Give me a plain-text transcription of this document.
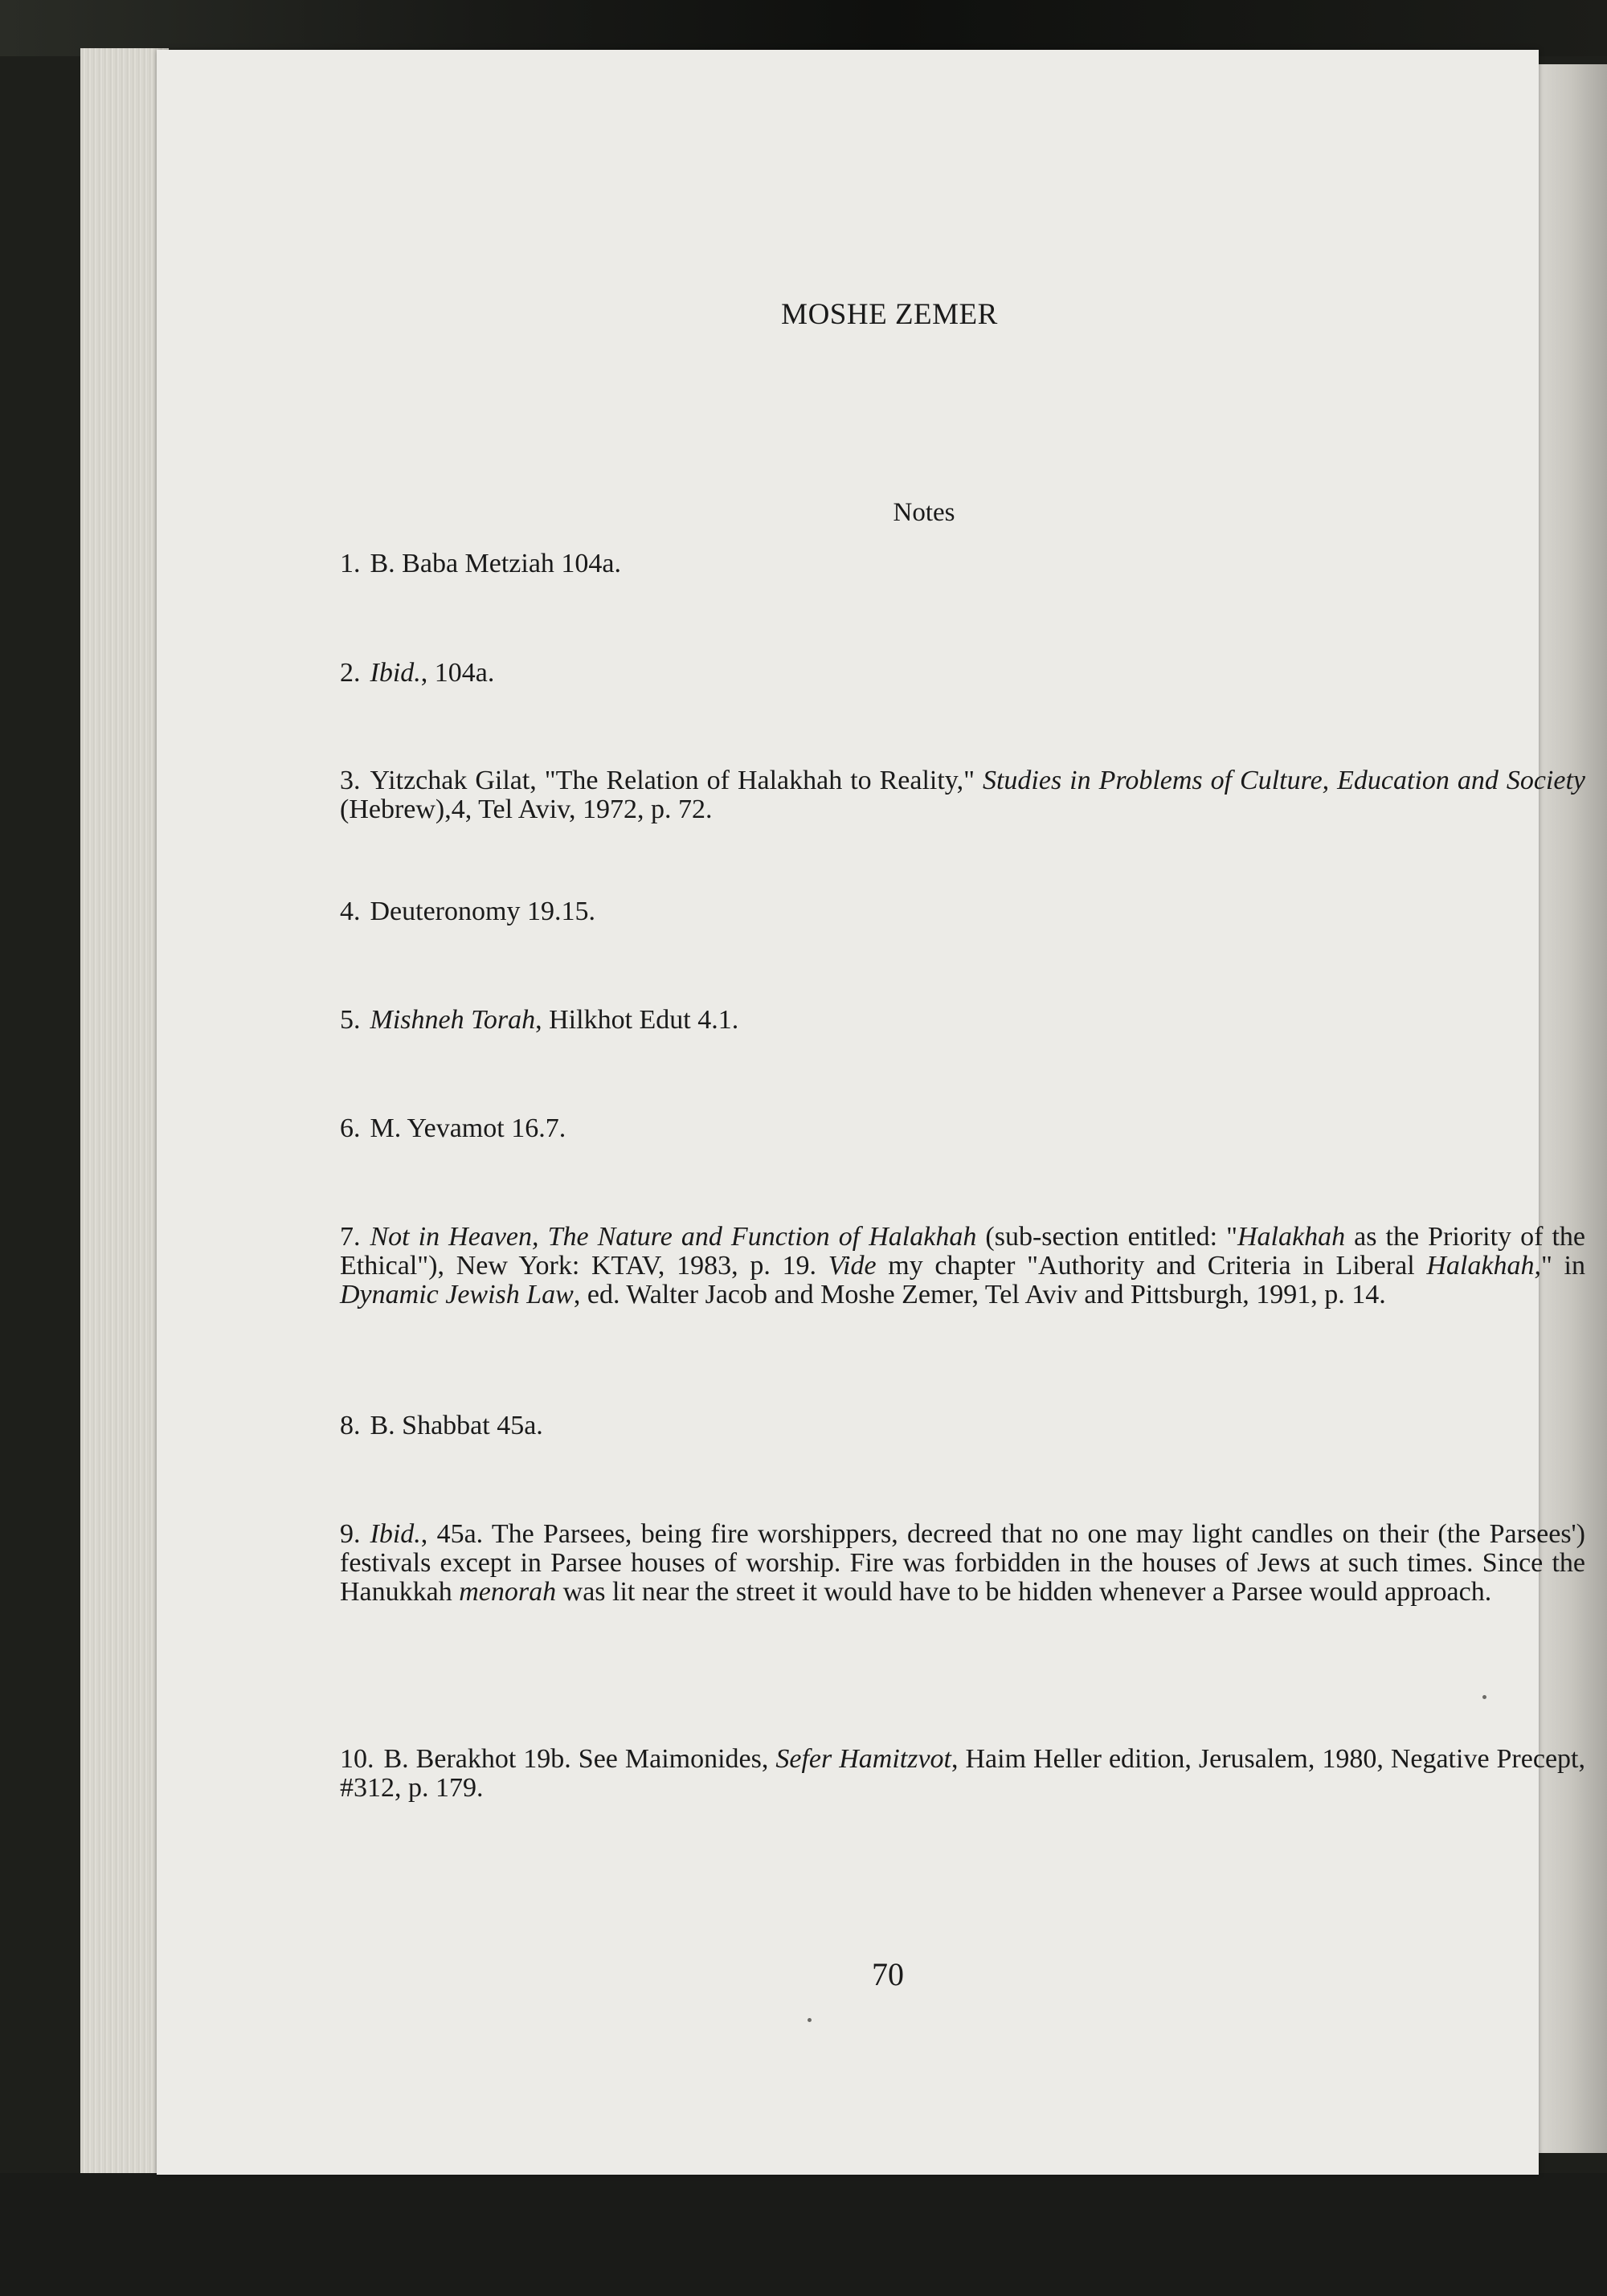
MOSHE ZEMER
Notes
1. B. Baba Metziah 104a.
2. Ibid., 104a.
3. Yitzchak Gilat, "The Relation of Halakhah to Reality," Studies in Problems of Culture, Education and Society (Hebrew),4, Tel Aviv, 1972, p. 72.
4. Deuteronomy 19.15.
5. Mishneh Torah, Hilkhot Edut 4.1.
6. M. Yevamot 16.7.
7. Not in Heaven, The Nature and Function of Halakhah (sub-section entitled: "Halakhah as the Priority of the Ethical"), New York: KTAV, 1983, p. 19. Vide my chapter "Authority and Criteria in Liberal Halakhah," in Dynamic Jewish Law, ed. Walter Jacob and Moshe Zemer, Tel Aviv and Pittsburgh, 1991, p. 14.
8. B. Shabbat 45a.
9. Ibid., 45a. The Parsees, being fire worshippers, decreed that no one may light candles on their (the Parsees') festivals except in Parsee houses of worship. Fire was forbidden in the houses of Jews at such times. Since the Hanukkah menorah was lit near the street it would have to be hidden whenever a Parsee would approach.
10. B. Berakhot 19b. See Maimonides, Sefer Hamitzvot, Haim Heller edition, Jerusalem, 1980, Negative Precept, #312, p. 179.
70
